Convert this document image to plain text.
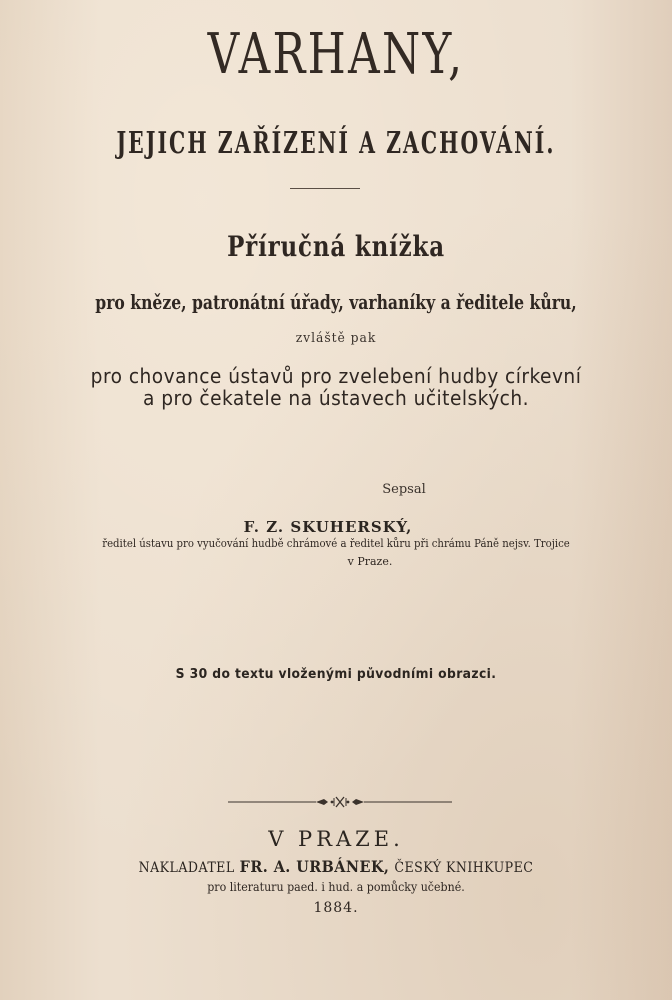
VARHANY,
JEJICH ZAŘÍZENÍ A ZACHOVÁNÍ.
Příručná knížka
pro kněze, patronátní úřady, varhaníky a ředitele kůru,
zvláště pak
pro chovance ústavů pro zvelebení hudby církevní
a pro čekatele na ústavech učitelských.
Sepsal
F. Z. SKUHERSKÝ,
ředitel ústavu pro vyučování hudbě chrámové a ředitel kůru při chrámu Páně nejsv. Trojice
v Praze.
S 30 do textu vloženými původními obrazci.
V PRAZE.
NAKLADATEL FR. A. URBÁNEK, ČESKÝ KNIHKUPEC
pro literaturu paed. i hud. a pomůcky učebné.
1884.
